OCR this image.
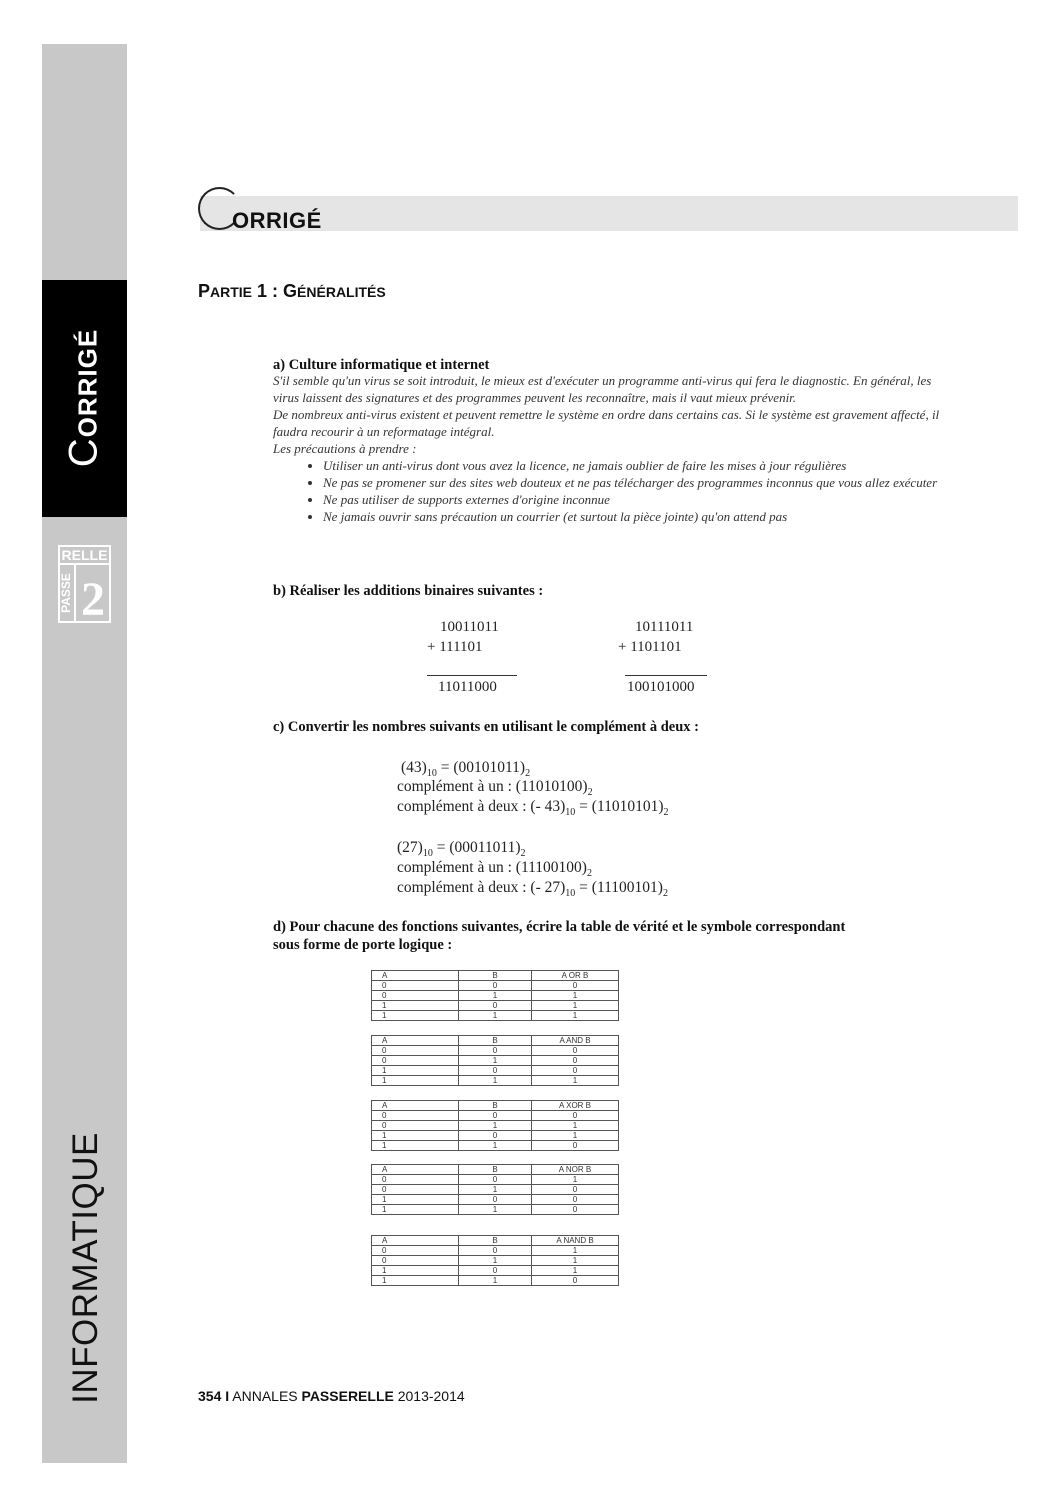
CORRIGÉ
RELLE
PASSE 2
INFORMATIQUE
ORRIGÉ
PARTIE 1 : GÉNÉRALITÉS
a) Culture informatique et internet

S'il semble qu'un virus se soit introduit, le mieux est d'exécuter un programme anti-virus qui fera le diagnostic. En général, les virus laissent des signatures et des programmes peuvent les reconnaître, mais il vaut mieux prévenir.

De nombreux anti-virus existent et peuvent remettre le système en ordre dans certains cas. Si le système est gravement affecté, il faudra recourir à un reformatage intégral.

Les précautions à prendre :

• Utiliser un anti-virus dont vous avez la licence, ne jamais oublier de faire les mises à jour régulières
• Ne pas se promener sur des sites web douteux et ne pas télécharger des programmes inconnus que vous allez exécuter
• Ne pas utiliser de supports externes d'origine inconnue
• Ne jamais ouvrir sans précaution un courrier (et surtout la pièce jointe) qu'on attend pas
b) Réaliser les additions binaires suivantes :
10011011
+ 111101
11011000
10111011
+ 1101101
100101000
c) Convertir les nombres suivants en utilisant le complément à deux :
$(43)_{10} = (00101011)_2$
complément à un : $(11010100)_2$
complément à deux : (- $43)_{10} = (11010101)_2$
$(27)_{10} = (00011011)_2$
complément à un : $(11100100)_2$
complément à deux : (- $27)_{10} = (11100101)_2$
d) Pour chacune des fonctions suivantes, écrire la table de vérité et le symbole correspondant
sous forme de porte logique :
A	B	A OR B
0	0	0
0	1	1
1	0	1
1	1	1
A	B	A AND B
0	0	0
0	1	0
1	0	0
1	1	1
A	B	A XOR B
0	0	0
0	1	1
1	0	1
1	1	0
A	B	A NOR B
0	0	1
0	1	0
1	0	0
1	1	0
A	B	A NAND B
0	0	1
0	1	1
1	0	1
1	1	0
354 I ANNALES PASSERELLE 2013-2014
